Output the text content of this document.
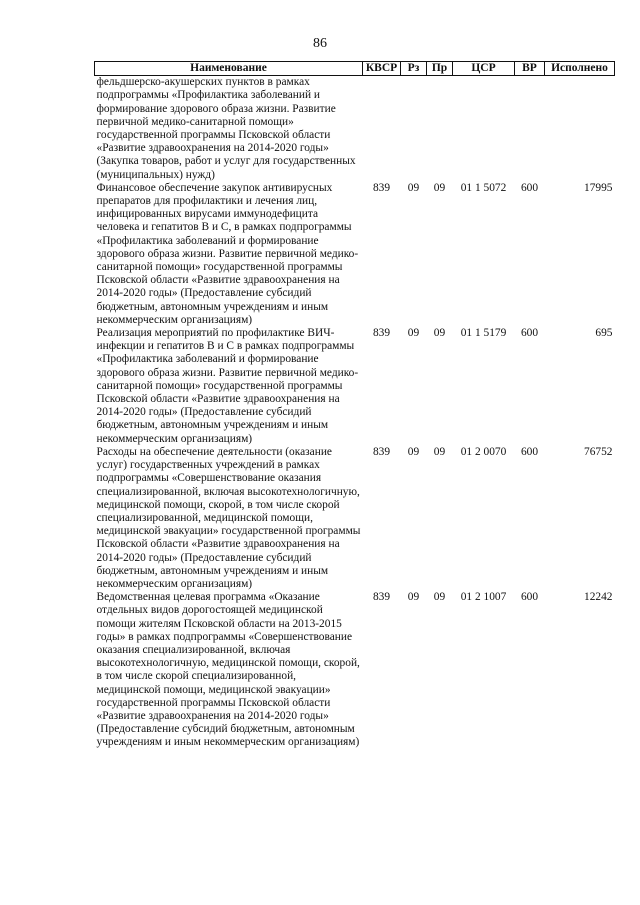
86
Наименование	КВСР	Рз	Пр	ЦСР	ВР	Исполнено
фельдшерско-акушерских пунктов в рамках подпрограммы «Профилактика заболеваний и формирование здорового образа жизни. Развитие первичной медико-санитарной помощи» государственной программы Псковской области «Развитие здравоохранения на 2014-2020 годы» (Закупка товаров, работ и услуг для государственных (муниципальных) нужд)						
Финансовое обеспечение закупок антивирусных препаратов для профилактики и лечения лиц, инфицированных вирусами иммунодефицита человека и гепатитов В и С, в рамках подпрограммы «Профилактика заболеваний и формирование здорового образа жизни. Развитие первичной медико-санитарной помощи» государственной программы Псковской области «Развитие здравоохранения на 2014-2020 годы» (Предоставление субсидий бюджетным, автономным учреждениям и иным некоммерческим организациям)	839	09	09	01 1 5072	600	17995
Реализация мероприятий по профилактике ВИЧ-инфекции и гепатитов В и С в рамках подпрограммы «Профилактика заболеваний и формирование здорового образа жизни. Развитие первичной медико-санитарной помощи» государственной программы Псковской области «Развитие здравоохранения на 2014-2020 годы» (Предоставление субсидий бюджетным, автономным учреждениям и иным некоммерческим организациям)	839	09	09	01 1 5179	600	695
Расходы на обеспечение деятельности (оказание услуг) государственных учреждений в рамках подпрограммы «Совершенствование оказания специализированной, включая высокотехнологичную, медицинской помощи, скорой, в том числе скорой специализированной, медицинской помощи, медицинской эвакуации» государственной программы Псковской области «Развитие здравоохранения на 2014-2020 годы» (Предоставление субсидий бюджетным, автономным учреждениям и иным некоммерческим организациям)	839	09	09	01 2 0070	600	76752
Ведомственная целевая программа «Оказание отдельных видов дорогостоящей медицинской помощи жителям Псковской области на 2013-2015 годы» в рамках подпрограммы «Совершенствование оказания специализированной, включая высокотехнологичную, медицинской помощи, скорой, в том числе скорой специализированной, медицинской помощи, медицинской эвакуации» государственной программы Псковской области «Развитие здравоохранения на 2014-2020 годы» (Предоставление субсидий бюджетным, автономным учреждениям и иным некоммерческим организациям)	839	09	09	01 2 1007	600	12242
